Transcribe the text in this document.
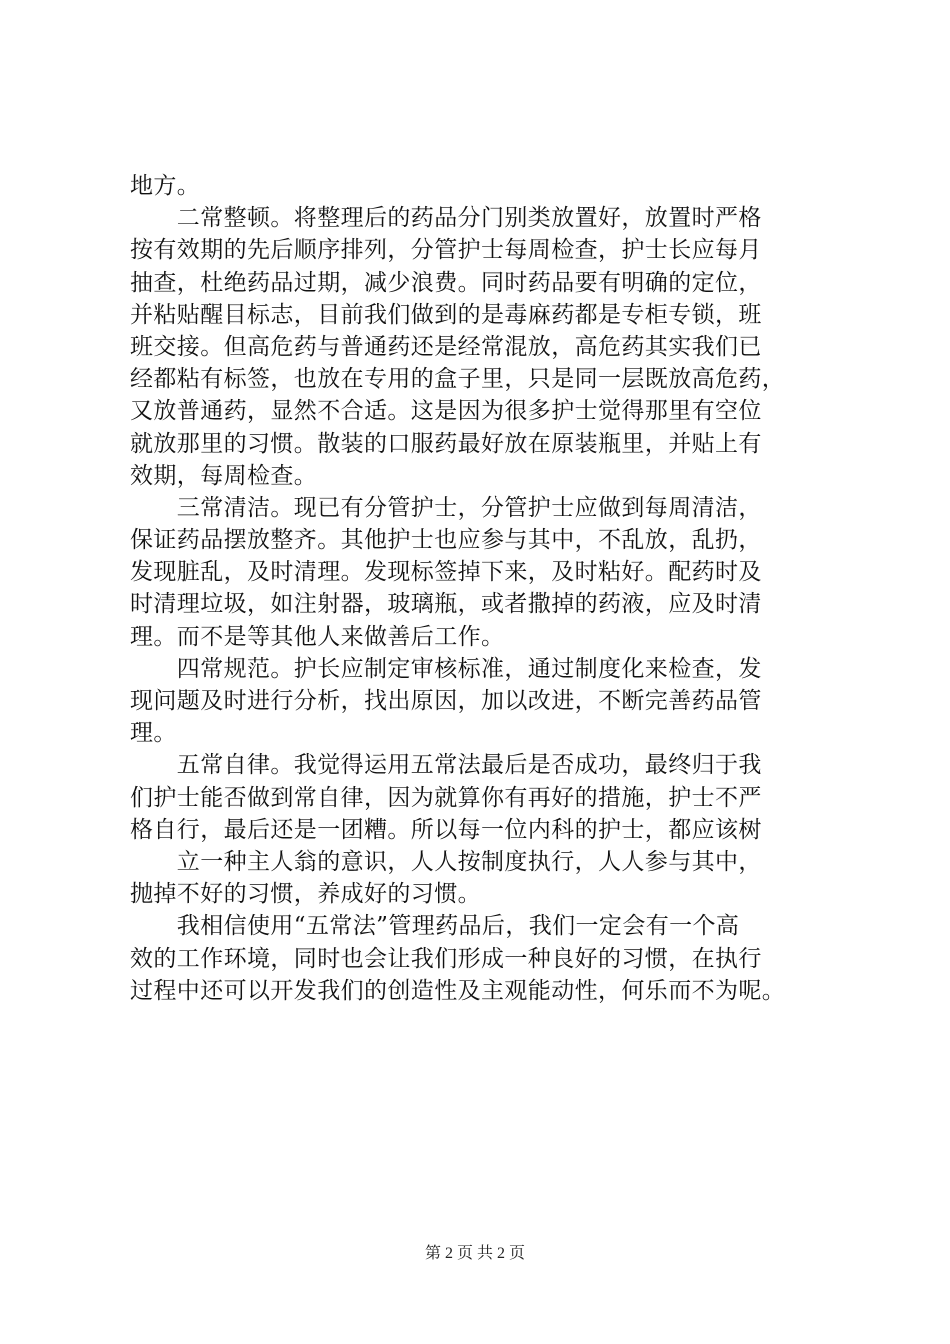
地方。
　　二常整顿。将整理后的药品分门别类放置好，放置时严格
按有效期的先后顺序排列，分管护士每周检查，护士长应每月
抽查，杜绝药品过期，减少浪费。同时药品要有明确的定位，
并粘贴醒目标志，目前我们做到的是毒麻药都是专柜专锁，班
班交接。但高危药与普通药还是经常混放，高危药其实我们已
经都粘有标签，也放在专用的盒子里，只是同一层既放高危药，
又放普通药，显然不合适。这是因为很多护士觉得那里有空位
就放那里的习惯。散装的口服药最好放在原装瓶里，并贴上有
效期，每周检查。
　　三常清洁。现已有分管护士，分管护士应做到每周清洁，
保证药品摆放整齐。其他护士也应参与其中，不乱放，乱扔，
发现脏乱，及时清理。发现标签掉下来，及时粘好。配药时及
时清理垃圾，如注射器，玻璃瓶，或者撒掉的药液，应及时清
理。而不是等其他人来做善后工作。
　　四常规范。护长应制定审核标准，通过制度化来检查，发
现问题及时进行分析，找出原因，加以改进，不断完善药品管
理。
　　五常自律。我觉得运用五常法最后是否成功，最终归于我
们护士能否做到常自律，因为就算你有再好的措施，护士不严
格自行，最后还是一团糟。所以每一位内科的护士，都应该树
　　立一种主人翁的意识，人人按制度执行，人人参与其中，
抛掉不好的习惯，养成好的习惯。
　　我相信使用“五常法”管理药品后，我们一定会有一个高
效的工作环境，同时也会让我们形成一种良好的习惯，在执行
过程中还可以开发我们的创造性及主观能动性，何乐而不为呢。
第 2 页 共 2 页
